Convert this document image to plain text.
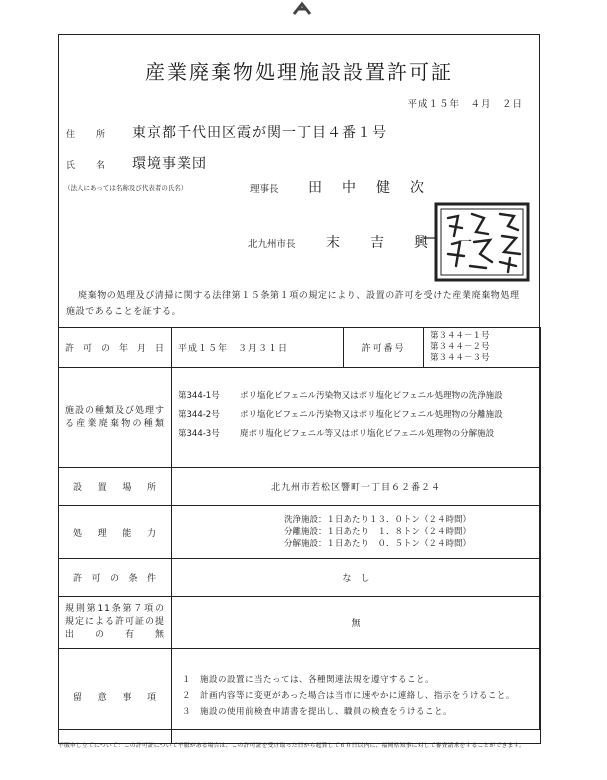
産業廃棄物処理施設設置許可証
平成１５年　４月　２日
住　所 東京都千代田区霞が関一丁目４番１号
氏　名 環境事業団
（法人にあっては名称及び代表者の氏名）	理事長 田　中　健　次
北九州市長 末　吉　興　一
廃棄物の処理及び清掃に関する法律第１５条第１項の規定により、設置の許可を受けた産業廃棄物処理施設であることを証する。
許可の年月日	平成１５年　３月３１日	許可番号	第３４４－１号
第３４４－２号
第３４４－３号

施設の種類及び処理する産業廃棄物の種類	第344-1号 ポリ塩化ビフェニル汚染物又はポリ塩化ビフェニル処理物の洗浄施設
第344-2号 ポリ塩化ビフェニル汚染物又はポリ塩化ビフェニル処理物の分離施設
第344-3号 廃ポリ塩化ビフェニル等又はポリ塩化ビフェニル処理物の分解施設		

設置場所	北九州市若松区響町一丁目６２番２４		
処理能力	洗浄施設：１日あたり１３．０トン（２４時間）
分離施設：１日あたり　１．８トン（２４時間）
分解施設：１日あたり　０．５トン（２４時間）		

許可の条件	な　し		
規則第11条第７項の規定による許可証の提出の有無	無		
留意事項	１　施設の設置に当たっては、各種関連法規を遵守すること。
２　計画内容等に変更があった場合は当市に速やかに連絡し、指示をうけること。
３　施設の使用前検査申請書を提出し、職員の検査をうけること。		
不服申し立てについて：この許可証について不服がある場合は、この許可証を受け取った日から起算して６０日以内に、福岡県知事に対して審査請求をすることができます。
